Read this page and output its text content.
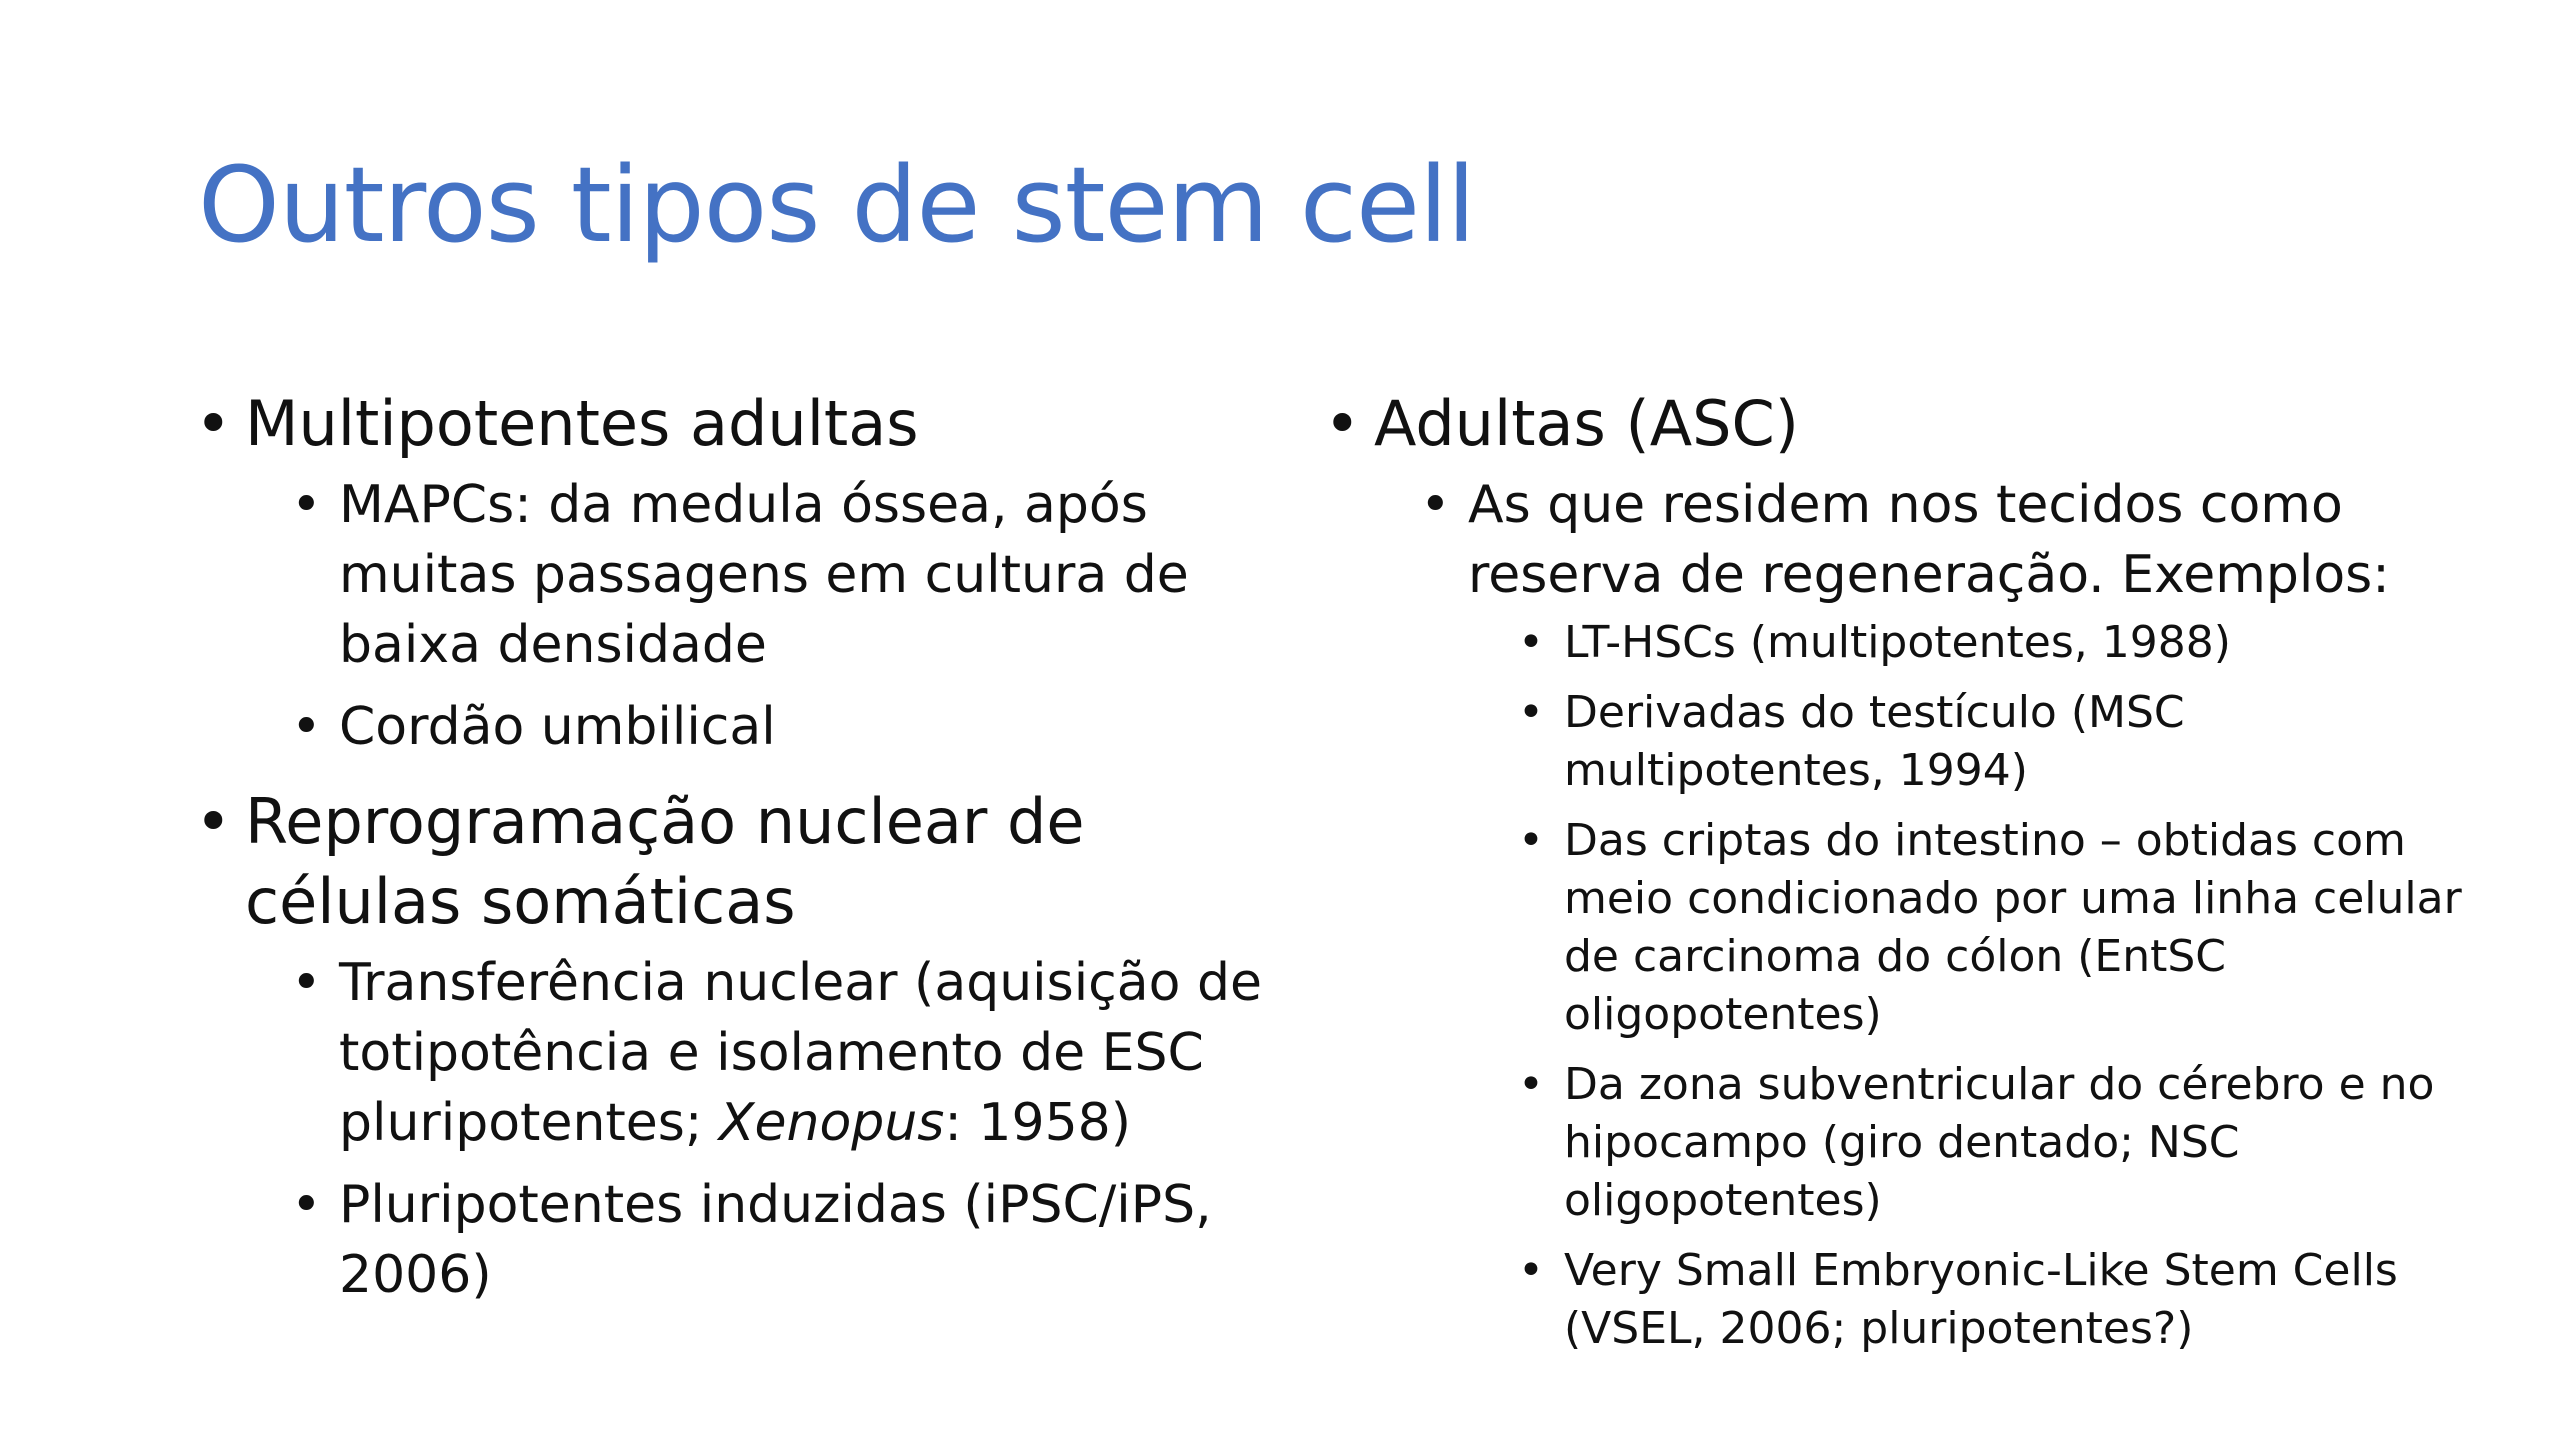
Outros tipos de stem cell
• Multipotentes adultas
• MAPCs: da medula óssea, após muitas passagens em cultura de baixa densidade
• Cordão umbilical
• Reprogramação nuclear de células somáticas
• Transferência nuclear (aquisição de totipotência e isolamento de ESC pluripotentes; Xenopus: 1958)
• Pluripotentes induzidas (iPSC/iPS, 2006)
• Adultas (ASC)
• As que residem nos tecidos como reserva de regeneração. Exemplos:
• LT-HSCs (multipotentes, 1988)
• Derivadas do testículo (MSC multipotentes, 1994)
• Das criptas do intestino – obtidas com meio condicionado por uma linha celular de carcinoma do cólon (EntSC oligopotentes)
• Da zona subventricular do cérebro e no hipocampo (giro dentado; NSC oligopotentes)
• Very Small Embryonic-Like Stem Cells (VSEL, 2006; pluripotentes?)
